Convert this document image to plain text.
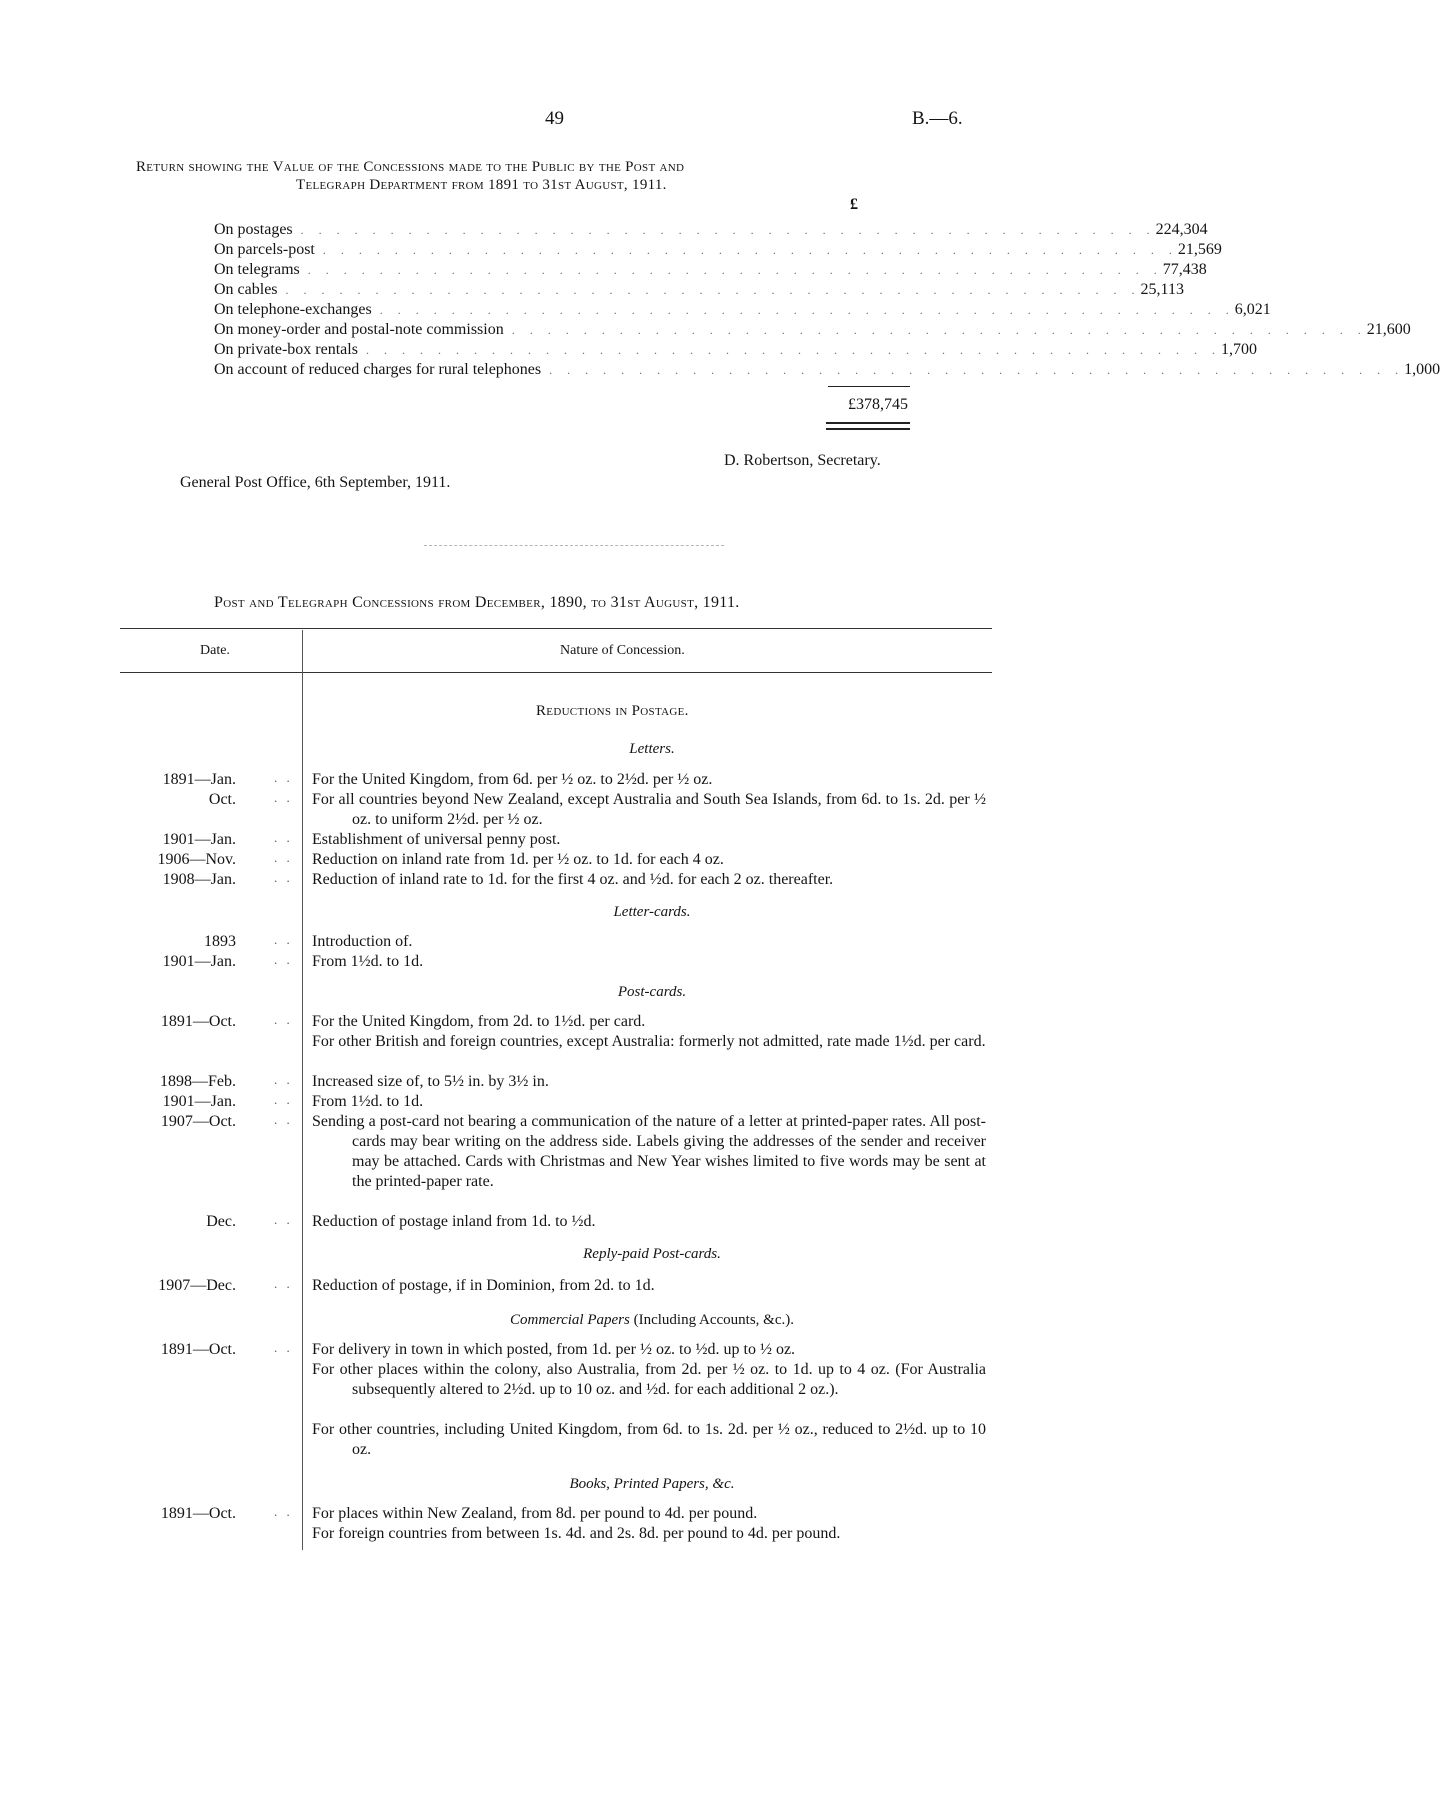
49	B.—6.
Return showing the Value of the Concessions made to the Public by the Post and
Telegraph Department from 1891 to 31st August, 1911.
£
On postages . . . . . . . . . . . . . . . . . . . . . . . . . . . . . . . . . . . . . . . . . . . . . . . . 224,304
On parcels-post . . . . . . . . . . . . . . . . . . . . . . . . . . . . . . . . . . . . . . . . . . . . . . . . 21,569
On telegrams . . . . . . . . . . . . . . . . . . . . . . . . . . . . . . . . . . . . . . . . . . . . . . . . 77,438
On cables . . . . . . . . . . . . . . . . . . . . . . . . . . . . . . . . . . . . . . . . . . . . . . . . 25,113
On telephone-exchanges . . . . . . . . . . . . . . . . . . . . . . . . . . . . . . . . . . . . . . . . . . . . . . . . 6,021
On money-order and postal-note commission . . . . . . . . . . . . . . . . . . . . . . . . . . . . . . . . . . . . . . . . . . . . . . . . 21,600
On private-box rentals . . . . . . . . . . . . . . . . . . . . . . . . . . . . . . . . . . . . . . . . . . . . . . . . 1,700
On account of reduced charges for rural telephones . . . . . . . . . . . . . . . . . . . . . . . . . . . . . . . . . . . . . . . . . . . . . . . . 1,000
£378,745
D. Robertson, Secretary.
General Post Office, 6th September, 1911.
Post and Telegraph Concessions from December, 1890, to 31st August, 1911.
Date.	Nature of Concession.
Reductions in Postage.
Letters.
1891—Jan.	. . For the United Kingdom, from 6d. per ½ oz. to 2½d. per ½ oz.
Oct.	. . For all countries beyond New Zealand, except Australia and South Sea Islands, from 6d. to 1s. 2d. per ½ oz. to uniform 2½d. per ½ oz.
1901—Jan.	. . Establishment of universal penny post.
1906—Nov.	. . Reduction on inland rate from 1d. per ½ oz. to 1d. for each 4 oz.
1908—Jan.	. . Reduction of inland rate to 1d. for the first 4 oz. and ½d. for each 2 oz. thereafter.
Letter-cards.
1893	. . Introduction of.
1901—Jan.	. . From 1½d. to 1d.
Post-cards.
1891—Oct.	. . For the United Kingdom, from 2d. to 1½d. per card.
For other British and foreign countries, except Australia: formerly not admitted, rate made 1½d. per card.
1898—Feb.	. . Increased size of, to 5½ in. by 3½ in.
1901—Jan.	. . From 1½d. to 1d.
1907—Oct.	. . Sending a post-card not bearing a communication of the nature of a letter at printed-paper rates. All post-cards may bear writing on the address side. Labels giving the addresses of the sender and receiver may be attached. Cards with Christmas and New Year wishes limited to five words may be sent at the printed-paper rate.
Dec.	. . Reduction of postage inland from 1d. to ½d.
Reply-paid Post-cards.
1907—Dec.	. . Reduction of postage, if in Dominion, from 2d. to 1d.
Commercial Papers (Including Accounts, &c.).
1891—Oct.	. . For delivery in town in which posted, from 1d. per ½ oz. to ½d. up to ½ oz.
For other places within the colony, also Australia, from 2d. per ½ oz. to 1d. up to 4 oz. (For Australia subsequently altered to 2½d. up to 10 oz. and ½d. for each additional 2 oz.).
For other countries, including United Kingdom, from 6d. to 1s. 2d. per ½ oz., reduced to 2½d. up to 10 oz.
Books, Printed Papers, &c.
1891—Oct.	. . For places within New Zealand, from 8d. per pound to 4d. per pound.
For foreign countries from between 1s. 4d. and 2s. 8d. per pound to 4d. per pound.
